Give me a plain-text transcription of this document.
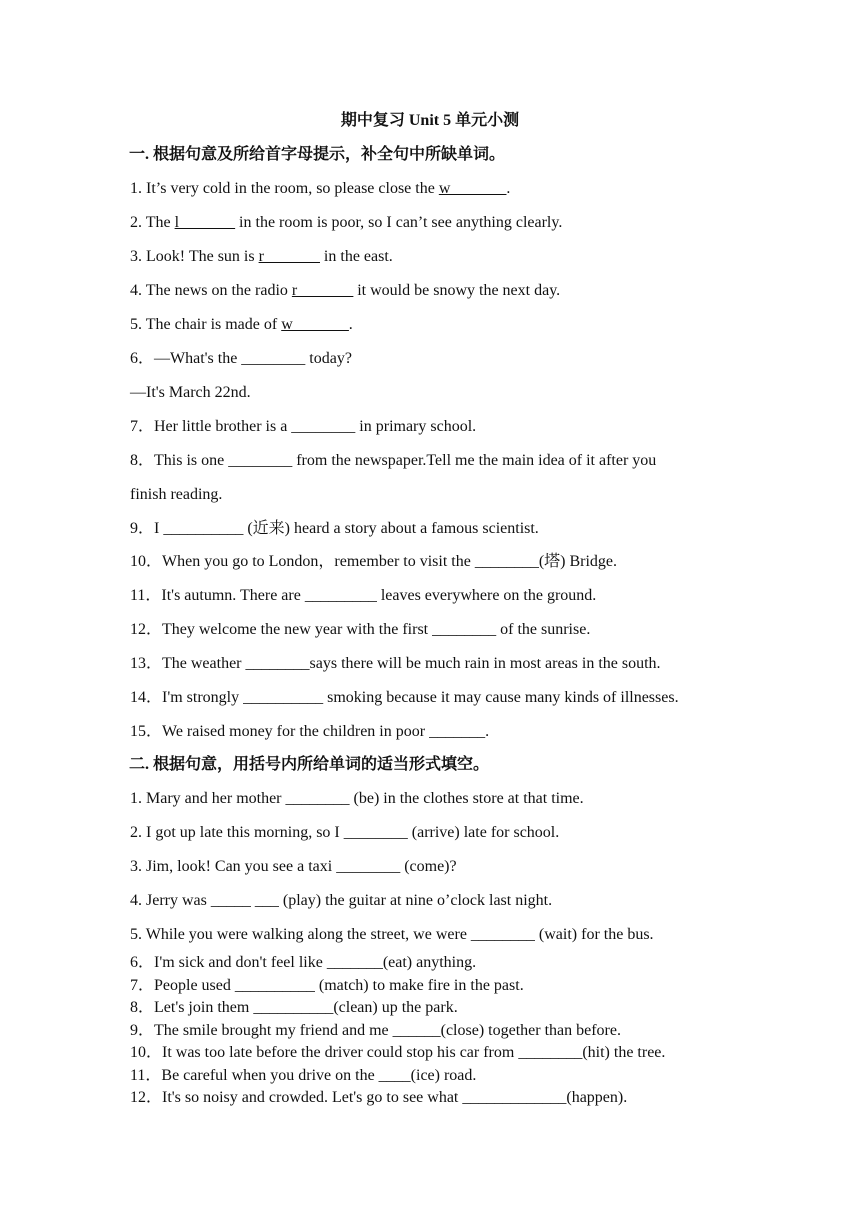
期中复习 Unit 5 单元小测
一. 根据句意及所给首字母提示，补全句中所缺单词。
1. It’s very cold in the room, so please close the w_______.
2. The l_______ in the room is poor, so I can’t see anything clearly.
3. Look! The sun is r_______ in the east.
4. The news on the radio r_______ it would be snowy the next day.
5. The chair is made of w_______.
6．—What's the ________ today?
—It's March 22nd.
7．Her little brother is a ________ in primary school.
8．This is one ________ from the newspaper.Tell me the main idea of it after you
finish reading.
9．I __________ (近来) heard a story about a famous scientist.
10．When you go to London，remember to visit the ________(塔) Bridge.
11．It's autumn. There are _________ leaves everywhere on the ground.
12．They welcome the new year with the first ________ of the sunrise.
13．The weather ________says there will be much rain in most areas in the south.
14．I'm strongly __________ smoking because it may cause many kinds of illnesses.
15．We raised money for the children in poor _______.
二. 根据句意，用括号内所给单词的适当形式填空。
1. Mary and her mother ________ (be) in the clothes store at that time.
2. I got up late this morning, so I ________ (arrive) late for school.
3. Jim, look! Can you see a taxi ________ (come)?
4. Jerry was _____ ___ (play) the guitar at nine o’clock last night.
5. While you were walking along the street, we were ________ (wait) for the bus.
6．I'm sick and don't feel like _______(eat) anything.
7．People used __________ (match) to make fire in the past.
8．Let's join them __________(clean) up the park.
9．The smile brought my friend and me ______(close) together than before.
10．It was too late before the driver could stop his car from ________(hit) the tree.
11．Be careful when you drive on the ____(ice) road.
12．It's so noisy and crowded. Let's go to see what _____________(happen).
